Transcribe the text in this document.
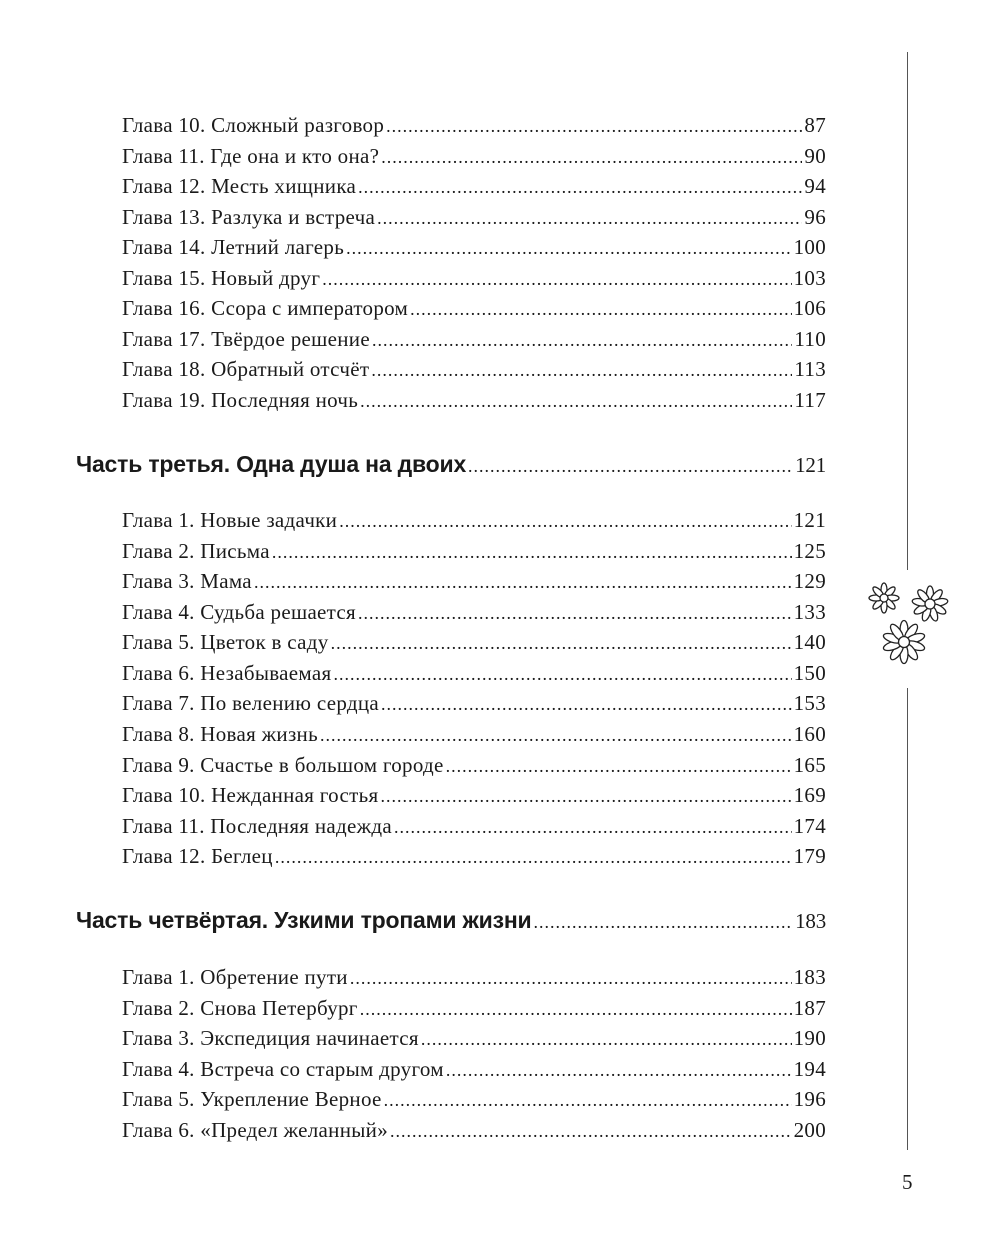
Глава 10. Сложный разговор .....	87
Глава 11. Где она и кто она? .....	90
Глава 12. Месть хищника .....	94
Глава 13. Разлука и встреча .....	96
Глава 14. Летний лагерь .....	100
Глава 15. Новый друг .....	103
Глава 16. Ссора с императором .....	106
Глава 17. Твёрдое решение .....	110
Глава 18. Обратный отсчёт .....	113
Глава 19. Последняя ночь .....	117
Часть третья. Одна душа на двоих .....	121
Глава 1. Новые задачки .....	121
Глава 2. Письма .....	125
Глава 3. Мама .....	129
Глава 4. Судьба решается .....	133
Глава 5. Цветок в саду .....	140
Глава 6. Незабываемая .....	150
Глава 7. По велению сердца .....	153
Глава 8. Новая жизнь .....	160
Глава 9. Счастье в большом городе .....	165
Глава 10. Нежданная гостья .....	169
Глава 11. Последняя надежда .....	174
Глава 12. Беглец .....	179
Часть четвёртая. Узкими тропами жизни .....	183
Глава 1. Обретение пути .....	183
Глава 2. Снова Петербург .....	187
Глава 3. Экспедиция начинается .....	190
Глава 4. Встреча со старым другом .....	194
Глава 5. Укрепление Верное .....	196
Глава 6. «Предел желанный» .....	200
5
